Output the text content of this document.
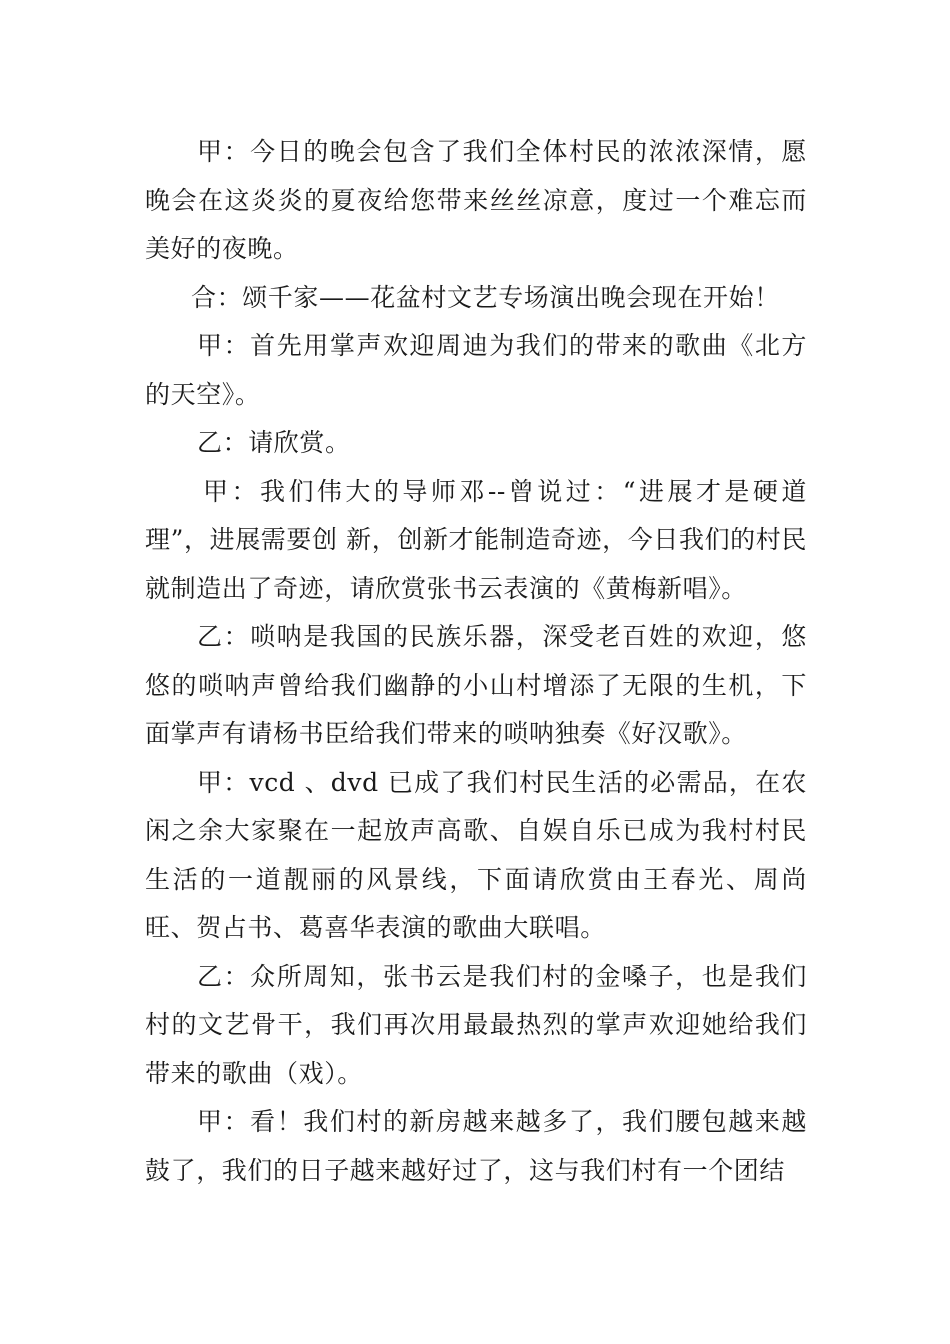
甲：今日的晚会包含了我们全体村民的浓浓深情，愿晚会在这炎炎的夏夜给您带来丝丝凉意，度过一个难忘而美好的夜晚。

合：颂千家——花盆村文艺专场演出晚会现在开始！

甲：首先用掌声欢迎周迪为我们的带来的歌曲《北方的天空》。

乙：请欣赏。

甲：我们伟大的导师邓--曾说过：“进展才是硬道理”，进展需要创 新，创新才能制造奇迹，今日我们的村民就制造出了奇迹，请欣赏张书云表演的《黄梅新唱》。

乙：唢呐是我国的民族乐器，深受老百姓的欢迎，悠悠的唢呐声曾给我们幽静的小山村增添了无限的生机，下面掌声有请杨书臣给我们带来的唢呐独奏《好汉歌》。

甲：vcd 、dvd 已成了我们村民生活的必需品，在农闲之余大家聚在一起放声高歌、自娱自乐已成为我村村民生活的一道靓丽的风景线，下面请欣赏由王春光、周尚旺、贺占书、葛喜华表演的歌曲大联唱。

乙：众所周知，张书云是我们村的金嗓子，也是我们村的文艺骨干，我们再次用最最热烈的掌声欢迎她给我们带来的歌曲（戏）。

甲：看！我们村的新房越来越多了，我们腰包越来越鼓了，我们的日子越来越好过了，这与我们村有一个团结
